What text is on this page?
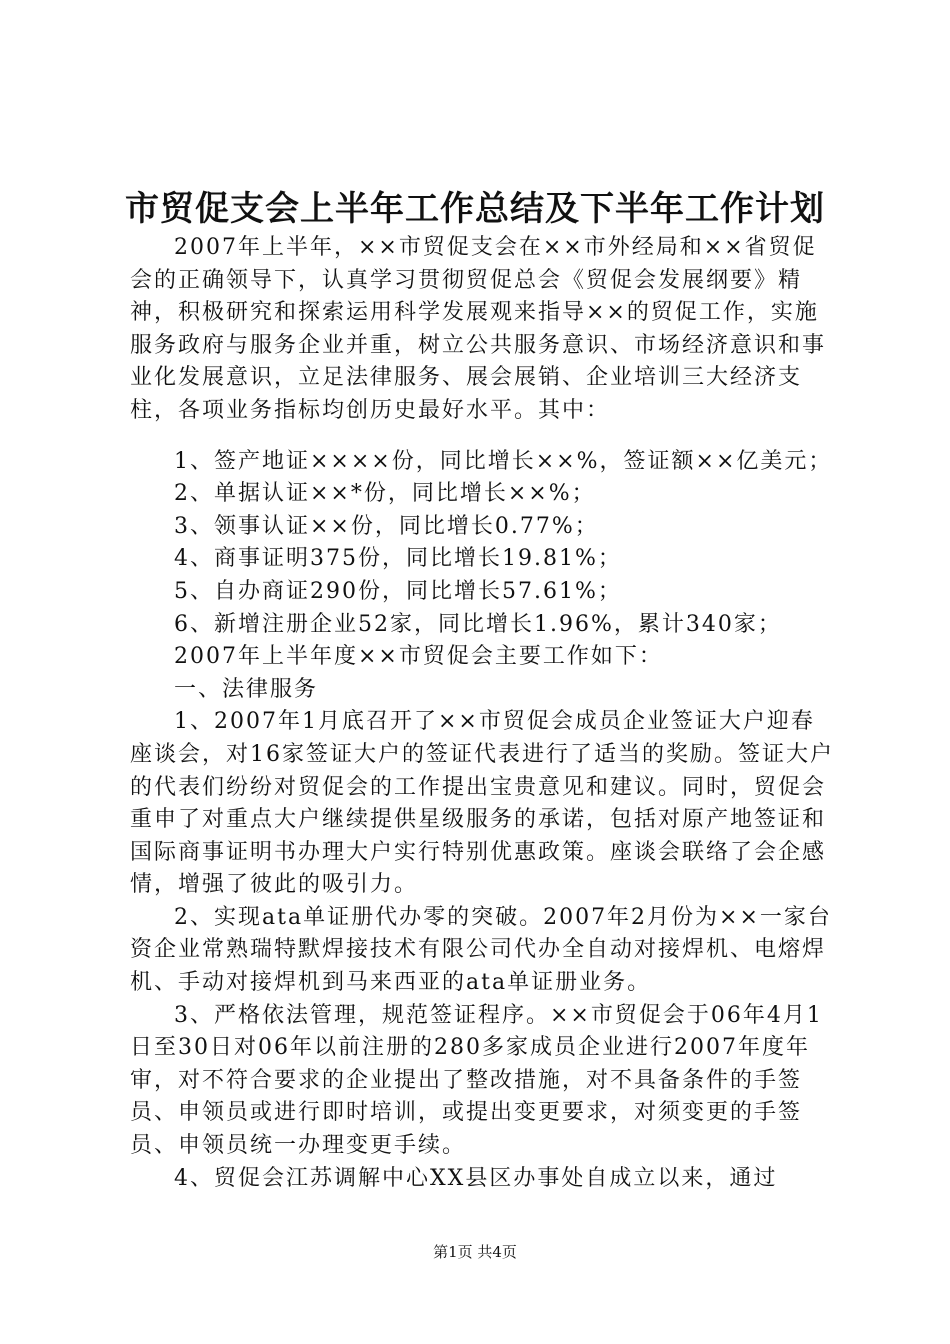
市贸促支会上半年工作总结及下半年工作计划

2007年上半年，××市贸促支会在××市外经局和××省贸促会的正确领导下，认真学习贯彻贸促总会《贸促会发展纲要》精神，积极研究和探索运用科学发展观来指导××的贸促工作，实施服务政府与服务企业并重，树立公共服务意识、市场经济意识和事业化发展意识，立足法律服务、展会展销、企业培训三大经济支柱，各项业务指标均创历史最好水平。其中：

1、签产地证××××份，同比增长××%，签证额××亿美元；

2、单据认证××*份，同比增长××%；

3、领事认证××份，同比增长0.77%；

4、商事证明375份，同比增长19.81%；

5、自办商证290份，同比增长57.61%；

6、新增注册企业52家，同比增长1.96%，累计340家；

2007年上半年度××市贸促会主要工作如下：

一、法律服务

1、2007年1月底召开了××市贸促会成员企业签证大户迎春座谈会，对16家签证大户的签证代表进行了适当的奖励。签证大户的代表们纷纷对贸促会的工作提出宝贵意见和建议。同时，贸促会重申了对重点大户继续提供星级服务的承诺，包括对原产地签证和国际商事证明书办理大户实行特别优惠政策。座谈会联络了会企感情，增强了彼此的吸引力。

2、实现ata单证册代办零的突破。2007年2月份为××一家台资企业常熟瑞特默焊接技术有限公司代办全自动对接焊机、电熔焊机、手动对接焊机到马来西亚的ata单证册业务。

3、严格依法管理，规范签证程序。××市贸促会于06年4月1日至30日对06年以前注册的280多家成员企业进行2007年度年审，对不符合要求的企业提出了整改措施，对不具备条件的手签员、申领员或进行即时培训，或提出变更要求，对须变更的手签员、申领员统一办理变更手续。

4、贸促会江苏调解中心XX县区办事处自成立以来，通过

第1页 共4页
